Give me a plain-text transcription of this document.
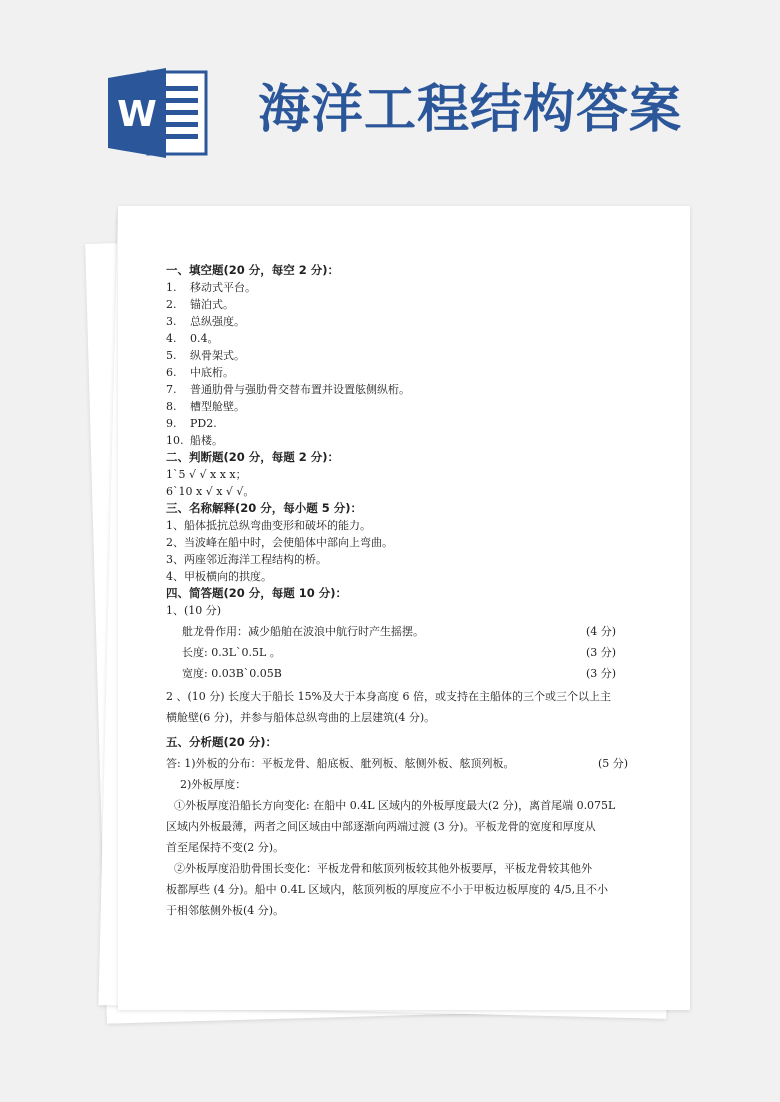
W 海洋工程结构答案

一、填空题(20 分，每空 2 分)：

1. 移动式平台。

2. 锚泊式。

3. 总纵强度。

4. 0.4。

5. 纵骨架式。

6. 中底桁。

7. 普通肋骨与强肋骨交替布置并设置舷侧纵桁。

8. 槽型舱壁。

9. PD2.

10. 船楼。

二、判断题(20 分，每题 2 分)：

1`5 √ √ x x x；

6`10 x √ x √ √。

三、名称解释(20 分，每小题 5 分)：

1、船体抵抗总纵弯曲变形和破坏的能力。

2、当波峰在船中时，会使船体中部向上弯曲。

3、两座邻近海洋工程结构的桥。

4、甲板横向的拱度。

四、简答题(20 分，每题 10 分)：

1、(10 分)

舭龙骨作用：减少船舶在波浪中航行时产生摇摆。	(4 分)
长度: 0.3L`0.5L 。	(3 分)
宽度: 0.03B`0.05B	(3 分)

2 、(10 分) 长度大于船长 15%及大于本身高度 6 倍，或支持在主船体的三个或三个以上主

横舱壁(6 分)，并参与船体总纵弯曲的上层建筑(4 分)。

五、分析题(20 分)：

答: 1)外板的分布：平板龙骨、船底板、舭列板、舷侧外板、舷顶列板。	(5 分)

2)外板厚度：

①外板厚度沿船长方向变化: 在船中 0.4L 区域内的外板厚度最大(2 分)，离首尾端 0.075L

区域内外板最薄，两者之间区域由中部逐渐向两端过渡 (3 分)。平板龙骨的宽度和厚度从

首至尾保持不变(2 分)。

②外板厚度沿肋骨围长变化：平板龙骨和舷顶列板较其他外板要厚，平板龙骨较其他外

板都厚些 (4 分)。船中 0.4L 区域内，舷顶列板的厚度应不小于甲板边板厚度的 4/5,且不小

于相邻舷侧外板(4 分)。
